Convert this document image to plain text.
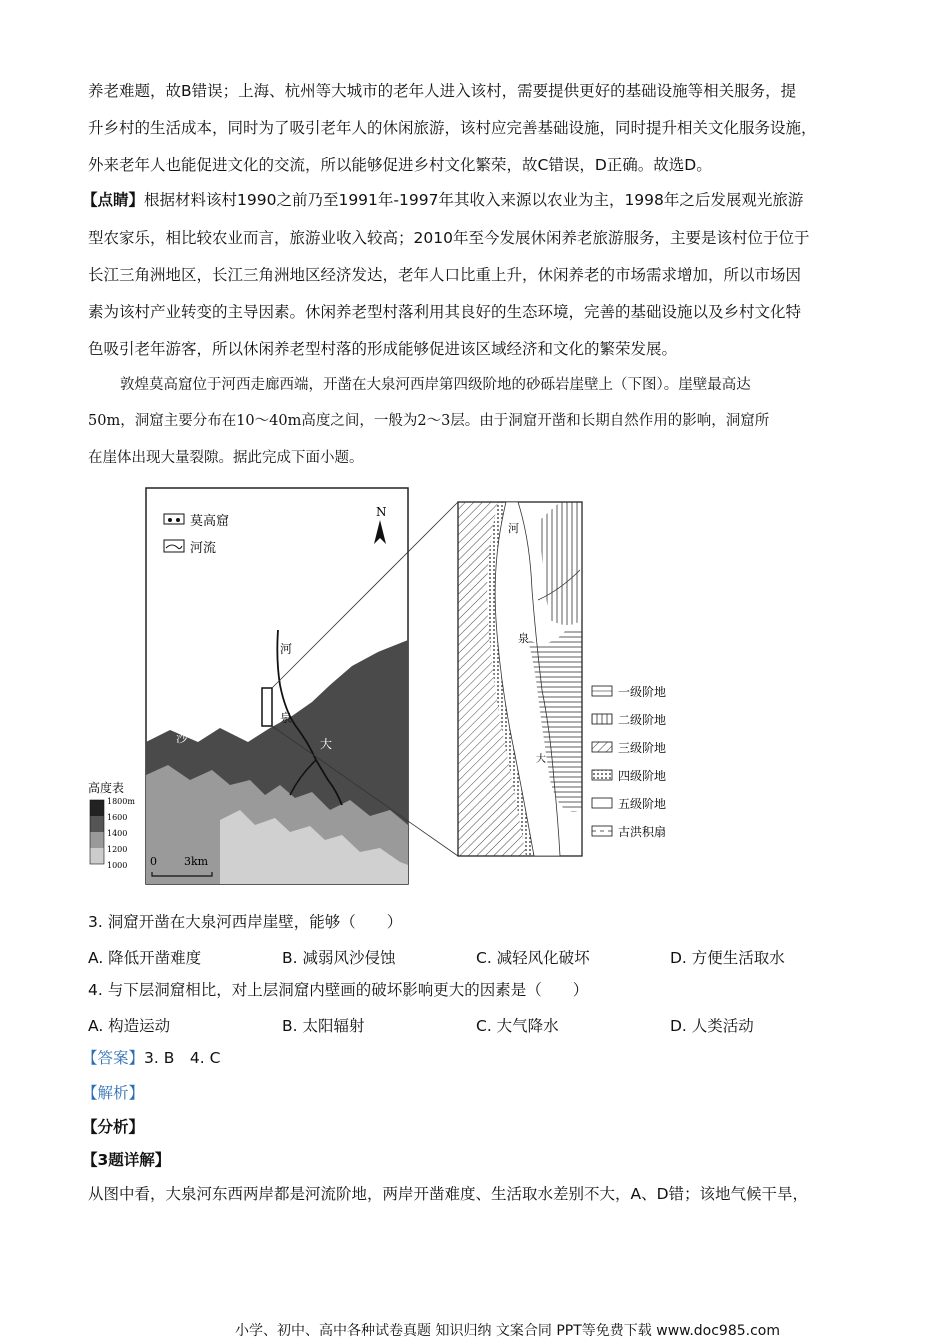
养老难题，故B错误；上海、杭州等大城市的老年人进入该村，需要提供更好的基础设施等相关服务，提
升乡村的生活成本，同时为了吸引老年人的休闲旅游，该村应完善基础设施，同时提升相关文化服务设施，
外来老年人也能促进文化的交流，所以能够促进乡村文化繁荣，故C错误，D正确。故选D。
【点睛】根据材料该村1990之前乃至1991年-1997年其收入来源以农业为主，1998年之后发展观光旅游
型农家乐，相比较农业而言，旅游业收入较高；2010年至今发展休闲养老旅游服务，主要是该村位于位于
长江三角洲地区，长江三角洲地区经济发达，老年人口比重上升，休闲养老的市场需求增加，所以市场因
素为该村产业转变的主导因素。休闲养老型村落利用其良好的生态环境，完善的基础设施以及乡村文化特
色吸引老年游客，所以休闲养老型村落的形成能够促进该区域经济和文化的繁荣发展。
敦煌莫高窟位于河西走廊西端，开凿在大泉河西岸第四级阶地的砂砾岩崖壁上（下图）。崖壁最高达
50m，洞窟主要分布在10～40m高度之间，一般为2～3层。由于洞窟开凿和长期自然作用的影响，洞窟所
在崖体出现大量裂隙。据此完成下面小题。
莫高窟
河流
N
河
泉
鸣
沙	大
高度表
1800m
1600
1400
1200
1000 0 3km
河
泉
大
一级阶地
二级阶地
三级阶地
四级阶地
五级阶地
古洪积扇
3. 洞窟开凿在大泉河西岸崖壁，能够（　　）
A. 降低开凿难度	B. 减弱风沙侵蚀	C. 减轻风化破坏	D. 方便生活取水
4. 与下层洞窟相比，对上层洞窟内壁画的破坏影响更大的因素是（　　）
A. 构造运动	B. 太阳辐射	C. 大气降水	D. 人类活动
【答案】3. B　4. C
【解析】
【分析】
【3题详解】
从图中看，大泉河东西两岸都是河流阶地，两岸开凿难度、生活取水差别不大，A、D错；该地气候干旱，
小学、初中、高中各种试卷真题 知识归纳 文案合同 PPT等免费下载 www.doc985.com
